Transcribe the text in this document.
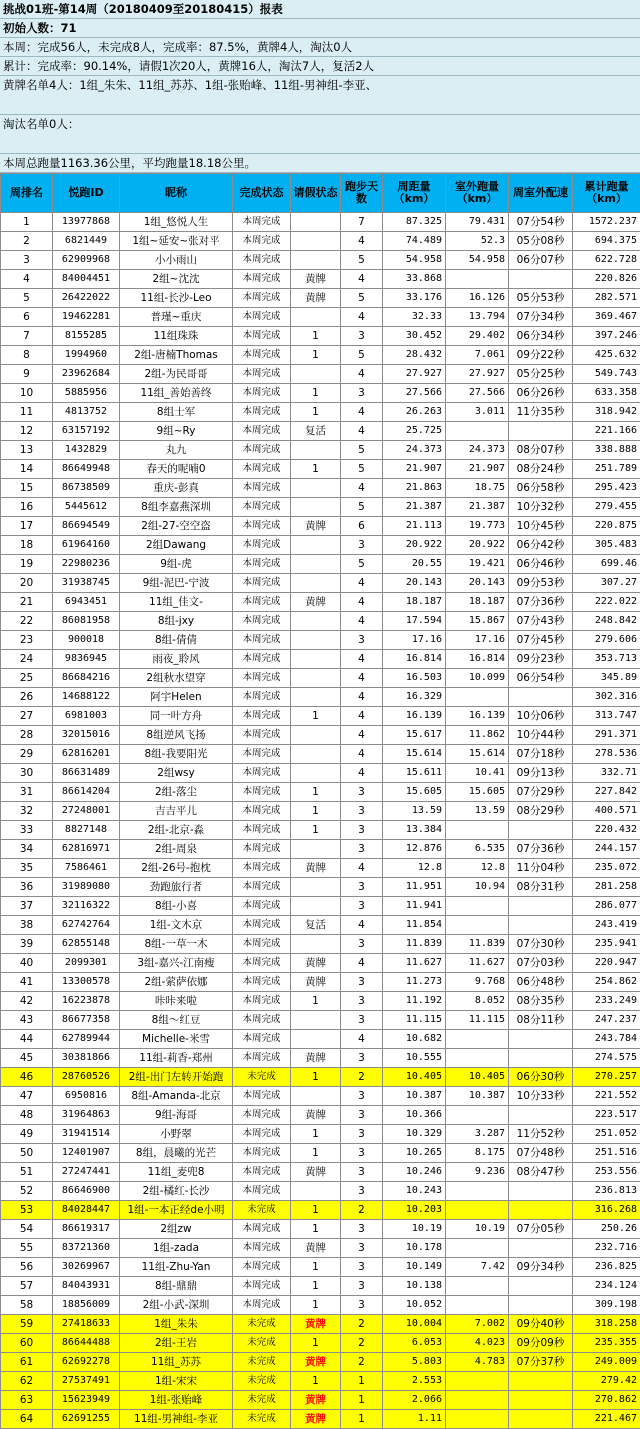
挑战01班-第14周（20180409至20180415）报表
初始人数：71
本周：完成56人，未完成8人，完成率：87.5%，黄牌4人，淘汰0人
累计：完成率：90.14%，请假1次20人，黄牌16人，淘汰7人，复活2人
黄牌名单4人：1组_朱朱、11组_苏苏、1组-张贻峰、11组-男神组-李亚、
淘汰名单0人：
本周总跑量1163.36公里，平均跑量18.18公里。
周排名	悦跑ID	昵称	完成状态	请假状态	跑步天数	周距量（km）	室外跑量（km）	周室外配速	累计跑量（km）
1	13977868	1组_悠悦人生	本周完成		7	87.325	79.431	07分54秒	1572.237
2	6821449	1组~延安~张对平	本周完成		4	74.489	52.3	05分08秒	694.375
3	62909968	小小雨山	本周完成		5	54.958	54.958	06分07秒	622.728
4	84004451	2组~沈沈	本周完成	黄牌	4	33.868			220.826
5	26422022	11组-长沙-Leo	本周完成	黄牌	5	33.176	16.126	05分53秒	282.571
6	19462281	普瑾~重庆	本周完成		4	32.33	13.794	07分34秒	369.467
7	8155285	11组珠珠	本周完成	1	3	30.452	29.402	06分34秒	397.246
8	1994960	2组-唐楠Thomas	本周完成	1	5	28.432	7.061	09分22秒	425.632
9	23962684	2组-为民哥哥	本周完成		4	27.927	27.927	05分25秒	549.743
10	5885956	11组_善始善终	本周完成	1	3	27.566	27.566	06分26秒	633.358
11	4813752	8组士军	本周完成	1	4	26.263	3.011	11分35秒	318.942
12	63157192	9组~Ry	本周完成	复活	4	25.725			221.166
13	1432829	丸九	本周完成		5	24.373	24.373	08分07秒	338.888
14	86649948	春天的呢喃0	本周完成	1	5	21.907	21.907	08分24秒	251.789
15	86738509	重庆-彭真	本周完成		4	21.863	18.75	06分58秒	295.423
16	5445612	8组李嘉燕深圳	本周完成		5	21.387	21.387	10分32秒	279.455
17	86694549	2组-27-空空盗	本周完成	黄牌	6	21.113	19.773	10分45秒	220.875
18	61964160	2组Dawang	本周完成		3	20.922	20.922	06分42秒	305.483
19	22980236	9组-虎	本周完成		5	20.55	19.421	06分46秒	699.46
20	31938745	9组-泥巴-宁波	本周完成		4	20.143	20.143	09分53秒	307.27
21	6943451	11组_佳文-	本周完成	黄牌	4	18.187	18.187	07分36秒	222.022
22	86081958	8组-jxy	本周完成		4	17.594	15.867	07分43秒	248.842
23	900018	8组-倩倩	本周完成		3	17.16	17.16	07分45秒	279.606
24	9836945	雨夜_聆风	本周完成		4	16.814	16.814	09分23秒	353.713
25	86684216	2组秋水望穿	本周完成		4	16.503	10.099	06分54秒	345.89
26	14688122	阿宇Helen	本周完成		4	16.329			302.316
27	6981003	同一叶方舟	本周完成	1	4	16.139	16.139	10分06秒	313.747
28	32015016	8组逆风飞扬	本周完成		4	15.617	11.862	10分44秒	291.371
29	62816201	8组-我要阳光	本周完成		4	15.614	15.614	07分18秒	278.536
30	86631489	2组wsy	本周完成		4	15.611	10.41	09分13秒	332.71
31	86614204	2组-落尘	本周完成	1	3	15.605	15.605	07分29秒	227.842
32	27248001	吉吉平儿	本周完成	1	3	13.59	13.59	08分29秒	400.571
33	8827148	2组-北京-淼	本周完成	1	3	13.384			220.432
34	62816971	2组-周泉	本周完成		3	12.876	6.535	07分36秒	244.157
35	7586461	2组-26号-抱枕	本周完成	黄牌	4	12.8	12.8	11分04秒	235.072
36	31989080	劲跑旅行者	本周完成		3	11.951	10.94	08分31秒	281.258
37	32116322	8组-小喜	本周完成		3	11.941			286.077
38	62742764	1组-文木京	本周完成	复活	4	11.854			243.419
39	62855148	8组-一草一木	本周完成		3	11.839	11.839	07分30秒	235.941
40	2099301	3组-嘉兴-江南瘦	本周完成	黄牌	4	11.627	11.627	07分03秒	220.947
41	13300578	2组-萦萨依娜	本周完成	黄牌	3	11.273	9.768	06分48秒	254.862
42	16223878	咔咔来啦	本周完成	1	3	11.192	8.052	08分35秒	233.249
43	86677358	8组～红豆	本周完成		3	11.115	11.115	08分11秒	247.237
44	62789944	Michelle-米雪	本周完成		4	10.682			243.784
45	30381866	11组-莉香-郑州	本周完成	黄牌	3	10.555			274.575
46	28760526	2组-出门左转开始跑	未完成	1	2	10.405	10.405	06分30秒	270.257
47	6950816	8组-Amanda-北京	本周完成		3	10.387	10.387	10分33秒	221.552
48	31964863	9组-海哥	本周完成	黄牌	3	10.366			223.517
49	31941514	小野翠	本周完成	1	3	10.329	3.287	11分52秒	251.052
50	12401907	8组，晨曦的光芒	本周完成	1	3	10.265	8.175	07分48秒	251.516
51	27247441	11组_麦兜8	本周完成	黄牌	3	10.246	9.236	08分47秒	253.556
52	86646900	2组-橘红-长沙	本周完成		3	10.243			236.813
53	84028447	1组-一本正经de小明	未完成	1	2	10.203			316.268
54	86619317	2组zw	本周完成	1	3	10.19	10.19	07分05秒	250.26
55	83721360	1组-zada	本周完成	黄牌	3	10.178			232.716
56	30269967	11组-Zhu-Yan	本周完成	1	3	10.149	7.42	09分34秒	236.825
57	84043931	8组-鼎鼎	本周完成	1	3	10.138			234.124
58	18856009	2组-小武-深圳	本周完成	1	3	10.052			309.198
59	27418633	1组_朱朱	未完成	黄牌	2	10.004	7.002	09分40秒	318.258
60	86644488	2组-王岩	未完成	1	2	6.053	4.023	09分09秒	235.355
61	62692278	11组_苏苏	未完成	黄牌	2	5.803	4.783	07分37秒	249.009
62	27537491	1组-宋宋	未完成	1	1	2.553			279.42
63	15623949	1组-张贻峰	未完成	黄牌	1	2.066			270.862
64	62691255	11组-男神组-李亚	未完成	黄牌	1	1.11			221.467
